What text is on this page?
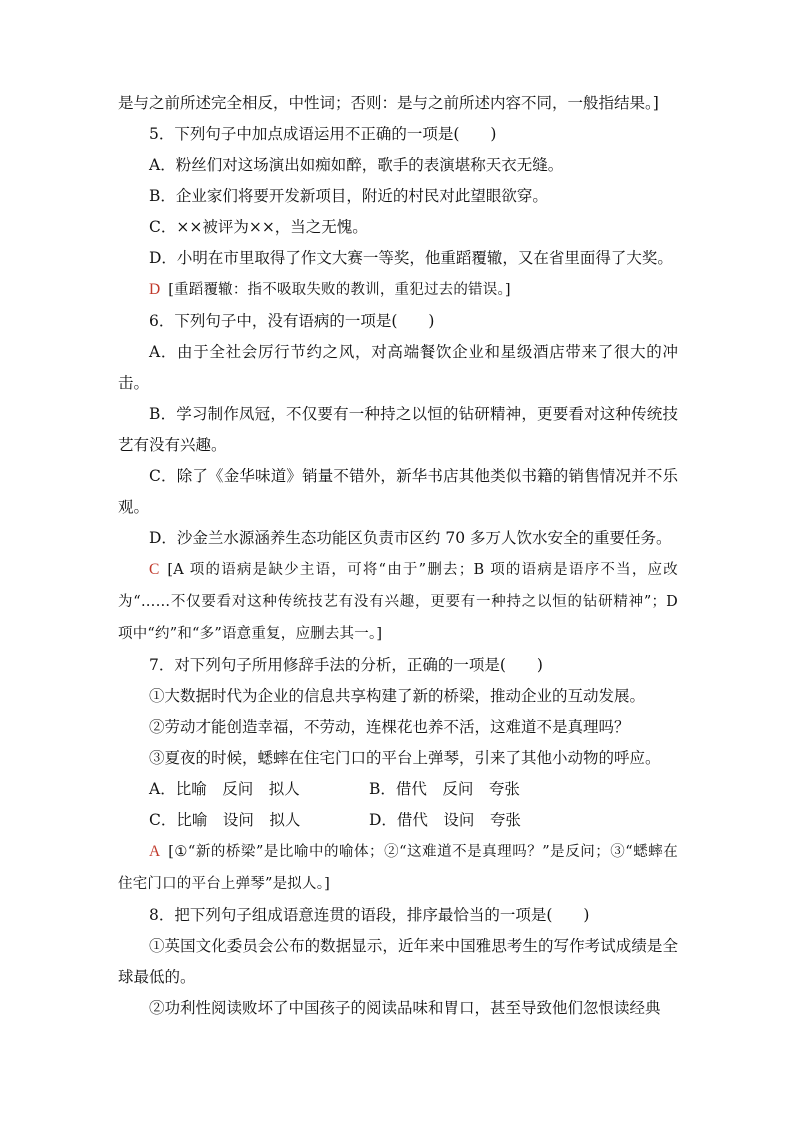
是与之前所述完全相反，中性词；否则：是与之前所述内容不同，一般指结果。]

5．下列句子中加点成语运用不正确的一项是(　　)

A．粉丝们对这场演出如痴如醉，歌手的表演堪称天衣无缝。

B．企业家们将要开发新项目，附近的村民对此望眼欲穿。

C．××被评为××，当之无愧。

D．小明在市里取得了作文大赛一等奖，他重蹈覆辙，又在省里面得了大奖。

D [重蹈覆辙：指不吸取失败的教训，重犯过去的错误。]

6．下列句子中，没有语病的一项是(　　)

A．由于全社会厉行节约之风，对高端餐饮企业和星级酒店带来了很大的冲击。

B．学习制作凤冠，不仅要有一种持之以恒的钻研精神，更要看对这种传统技艺有没有兴趣。

C．除了《金华味道》销量不错外，新华书店其他类似书籍的销售情况并不乐观。

D．沙金兰水源涵养生态功能区负责市区约 70 多万人饮水安全的重要任务。

C [A 项的语病是缺少主语，可将“由于”删去；B 项的语病是语序不当，应改为“……不仅要看对这种传统技艺有没有兴趣，更要有一种持之以恒的钻研精神”；D 项中“约”和“多”语意重复，应删去其一。]

7．对下列句子所用修辞手法的分析，正确的一项是(　　)

①大数据时代为企业的信息共享构建了新的桥梁，推动企业的互动发展。

②劳动才能创造幸福，不劳动，连棵花也养不活，这难道不是真理吗？

③夏夜的时候，蟋蟀在住宅门口的平台上弹琴，引来了其他小动物的呼应。

A．比喻　反问　拟人	B．借代　反问　夸张
C．比喻　设问　拟人	D．借代　设问　夸张

A [①“新的桥梁”是比喻中的喻体；②“这难道不是真理吗？”是反问；③“蟋蟀在住宅门口的平台上弹琴”是拟人。]

8．把下列句子组成语意连贯的语段，排序最恰当的一项是(　　)

①英国文化委员会公布的数据显示，近年来中国雅思考生的写作考试成绩是全球最低的。

②功利性阅读败坏了中国孩子的阅读品味和胃口，甚至导致他们忽恨读经典
